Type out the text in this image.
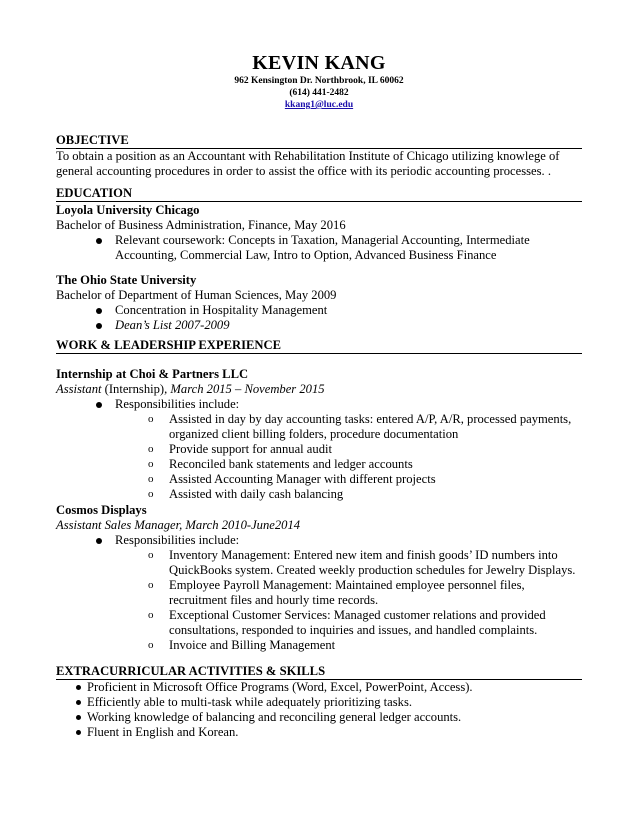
KEVIN KANG
962 Kensington Dr. Northbrook, IL 60062
(614) 441-2482
kkang1@luc.edu
OBJECTIVE
To obtain a position as an Accountant with Rehabilitation Institute of Chicago utilizing knowlege of
general accounting procedures in order to assist the office with its periodic accounting processes. .
EDUCATION
Loyola University Chicago
Bachelor of Business Administration, Finance, May 2016
Relevant coursework: Concepts in Taxation, Managerial Accounting, Intermediate
Accounting, Commercial Law, Intro to Option, Advanced Business Finance
The Ohio State University
Bachelor of Department of Human Sciences, May 2009
Concentration in Hospitality Management
Dean’s List 2007-2009
WORK & LEADERSHIP EXPERIENCE
Internship at Choi & Partners LLC
Assistant (Internship), March 2015 – November 2015
Responsibilities include:
o Assisted in day by day accounting tasks: entered A/P, A/R, processed payments,
organized client billing folders, procedure documentation
o Provide support for annual audit
o Reconciled bank statements and ledger accounts
o Assisted Accounting Manager with different projects
o Assisted with daily cash balancing
Cosmos Displays
Assistant Sales Manager, March 2010-June2014
Responsibilities include:
o Inventory Management: Entered new item and finish goods’ ID numbers into
QuickBooks system. Created weekly production schedules for Jewelry Displays.
o Employee Payroll Management: Maintained employee personnel files,
recruitment files and hourly time records.
o Exceptional Customer Services: Managed customer relations and provided
consultations, responded to inquiries and issues, and handled complaints.
o Invoice and Billing Management
EXTRACURRICULAR ACTIVITIES & SKILLS
Proficient in Microsoft Office Programs (Word, Excel, PowerPoint, Access).
Efficiently able to multi-task while adequately prioritizing tasks.
Working knowledge of balancing and reconciling general ledger accounts.
Fluent in English and Korean.
